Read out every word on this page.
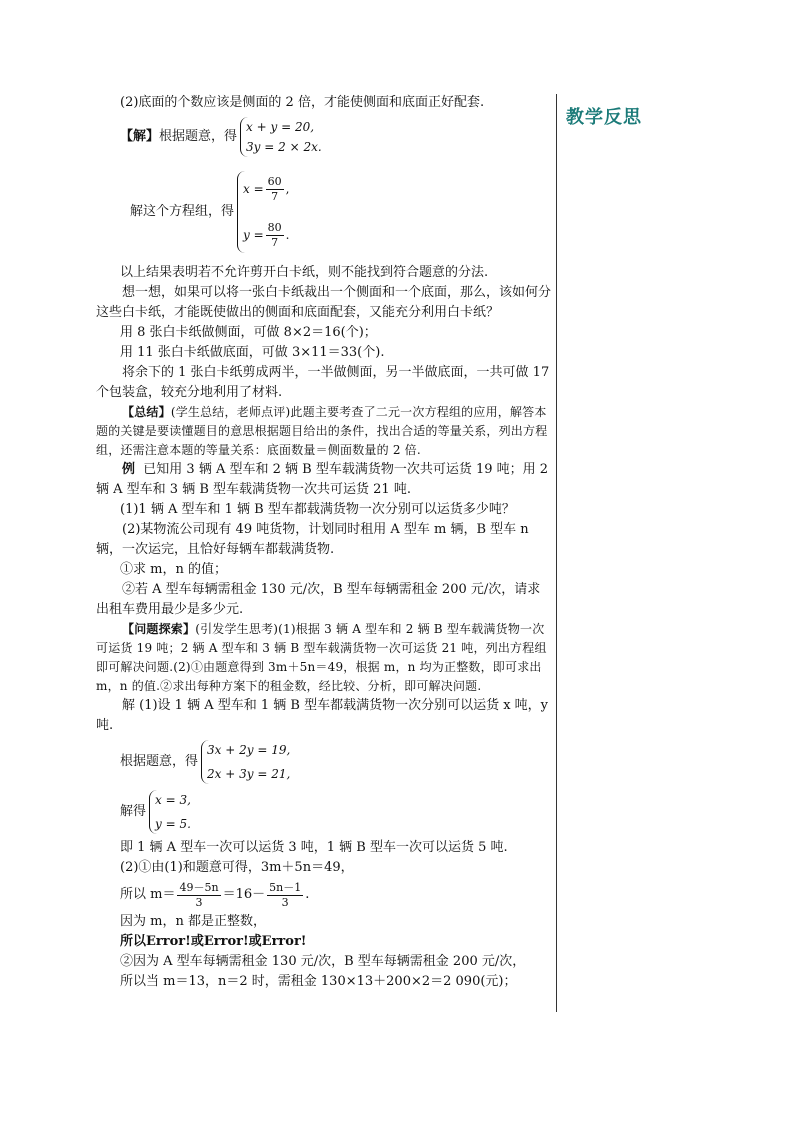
教学反思

(2)底面的个数应该是侧面的 2 倍，才能使侧面和底面正好配套.

【解】 根据题意，得
x + y = 20,
3y = 2 × 2x.
解这个方程组，得
$x = \frac{60}{7}$ ,
$y = \frac{80}{7}$ .

以上结果表明若不允许剪开白卡纸，则不能找到符合题意的分法.

想一想，如果可以将一张白卡纸裁出一个侧面和一个底面，那么，该如何分这些白卡纸，才能既使做出的侧面和底面配套，又能充分利用白卡纸？

用 8 张白卡纸做侧面，可做 8×2＝16(个)；

用 11 张白卡纸做底面，可做 3×11＝33(个).

将余下的 1 张白卡纸剪成两半，一半做侧面，另一半做底面，一共可做 17 个包装盒，较充分地利用了材料.

【总结】(学生总结，老师点评)此题主要考查了二元一次方程组的应用，解答本题的关键是要读懂题目的意思根据题目给出的条件，找出合适的等量关系，列出方程组，还需注意本题的等量关系：底面数量＝侧面数量的 2 倍.

例 已知用 3 辆 A 型车和 2 辆 B 型车载满货物一次共可运货 19 吨；用 2 辆 A 型车和 3 辆 B 型车载满货物一次共可运货 21 吨.

(1)1 辆 A 型车和 1 辆 B 型车都载满货物一次分别可以运货多少吨？

(2)某物流公司现有 49 吨货物，计划同时租用 A 型车 m 辆，B 型车 n 辆，一次运完，且恰好每辆车都载满货物.

①求 m，n 的值；

②若 A 型车每辆需租金 130 元/次，B 型车每辆需租金 200 元/次，请求出租车费用最少是多少元.

【问题探索】(引发学生思考)(1)根据 3 辆 A 型车和 2 辆 B 型车载满货物一次可运货 19 吨；2 辆 A 型车和 3 辆 B 型车载满货物一次可运货 21 吨，列出方程组即可解决问题.(2)①由题意得到 3m＋5n＝49，根据 m，n 均为正整数，即可求出 m，n 的值.②求出每种方案下的租金数，经比较、分析，即可解决问题.

解 (1)设 1 辆 A 型车和 1 辆 B 型车都载满货物一次分别可以运货 x 吨，y 吨.

根据题意，得
3x + 2y = 19,
2x + 3y = 21,
解得
x = 3,
y = 5.

即 1 辆 A 型车一次可以运货 3 吨，1 辆 B 型车一次可以运货 5 吨.

(2)①由(1)和题意可得，3m＋5n＝49，

所以 $m= \frac{49-5n}{3} =16- \frac{5n-1}{3}$ .

因为 m，n 都是正整数，

所以Error!或Error!或Error!

②因为 A 型车每辆需租金 130 元/次，B 型车每辆需租金 200 元/次，

所以当 m＝13，n＝2 时，需租金 130×13＋200×2＝2 090(元)；
